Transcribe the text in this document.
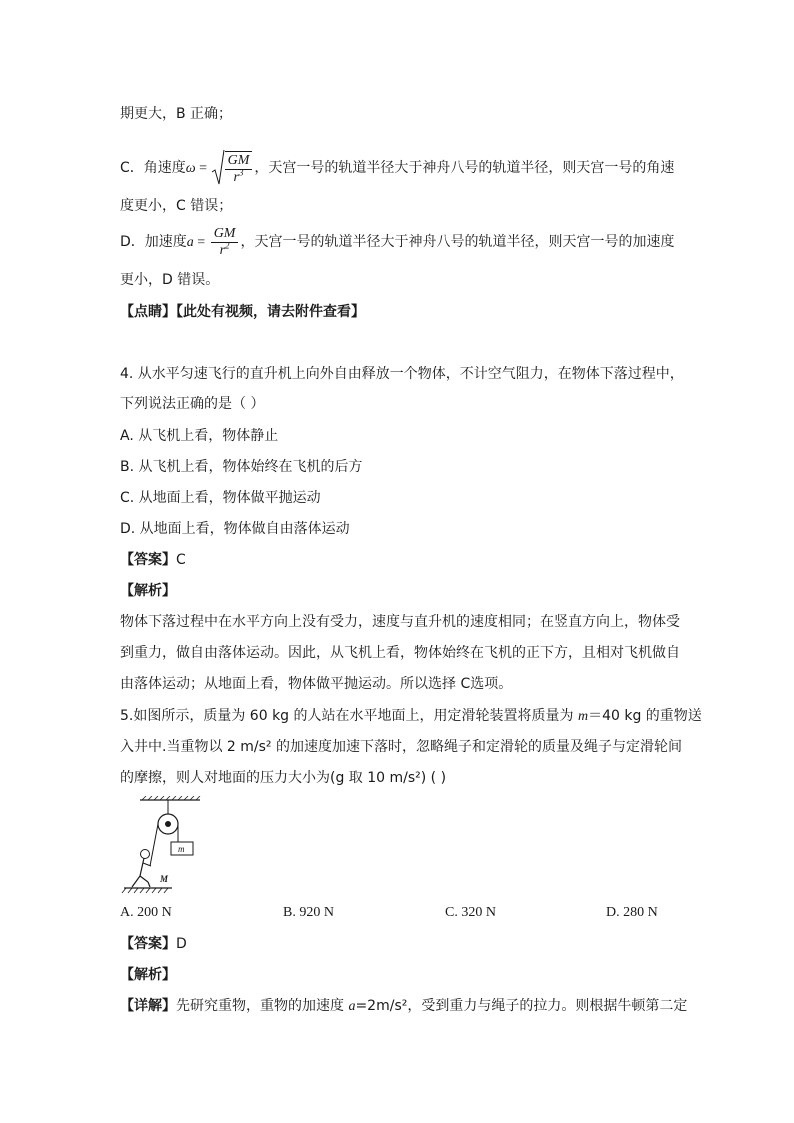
期更大，B 正确；
C．角速度$\omega = \frac{GM}{r^3}$ ，天宫一号的轨道半径大于神舟八号的轨道半径，则天宫一号的角速
度更小，C 错误；
D．加速度$a = \frac{GM}{r^2}$ ，天宫一号的轨道半径大于神舟八号的轨道半径，则天宫一号的加速度
更小，D 错误。
【点睛】【此处有视频，请去附件查看】
4. 从水平匀速飞行的直升机上向外自由释放一个物体，不计空气阻力，在物体下落过程中，
下列说法正确的是（ ）
A. 从飞机上看，物体静止
B. 从飞机上看，物体始终在飞机的后方
C. 从地面上看，物体做平抛运动
D. 从地面上看，物体做自由落体运动
【答案】C
【解析】
物体下落过程中在水平方向上没有受力，速度与直升机的速度相同；在竖直方向上，物体受
到重力，做自由落体运动。因此，从飞机上看，物体始终在飞机的正下方，且相对飞机做自
由落体运动；从地面上看，物体做平抛运动。所以选择 C选项。
5.如图所示，质量为 60 kg 的人站在水平地面上，用定滑轮装置将质量为 m＝40 kg 的重物送
入井中.当重物以 2 m/s² 的加速度加速下落时，忽略绳子和定滑轮的质量及绳子与定滑轮间
的摩擦，则人对地面的压力大小为(g 取 10 m/s²) ( )
m
M
A. 200 N	B. 920 N	C. 320 N	D. 280 N
【答案】D
【解析】
【详解】先研究重物，重物的加速度 a=2m/s²，受到重力与绳子的拉力。则根据牛顿第二定
